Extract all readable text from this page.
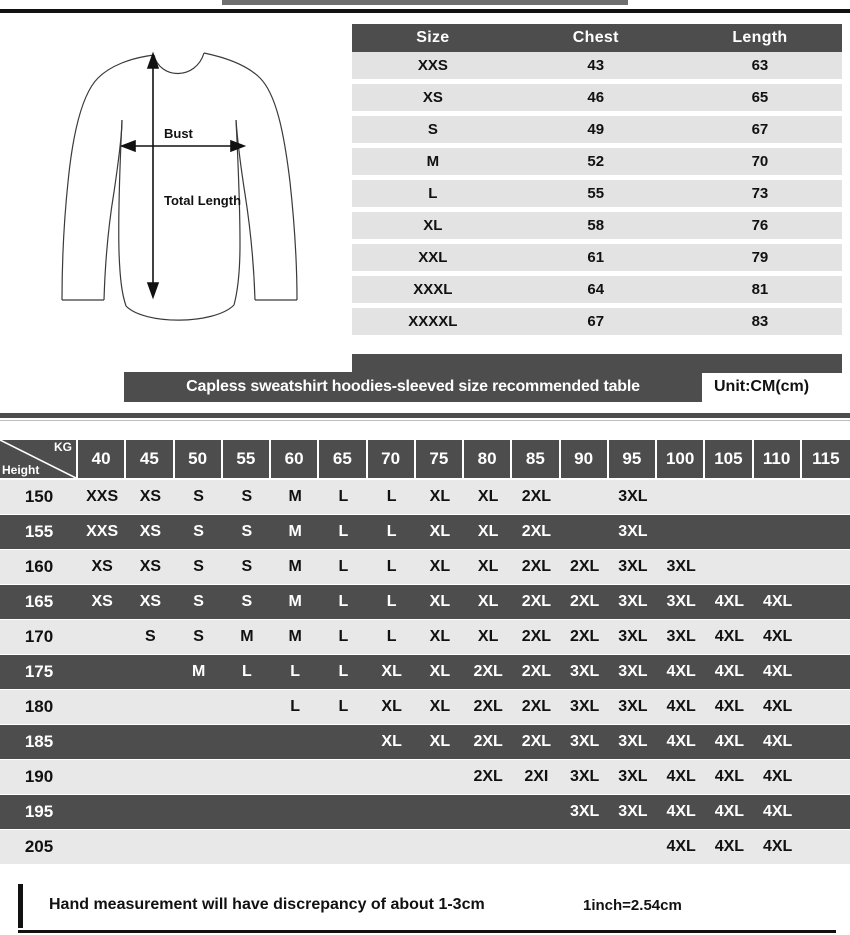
Bust
Total Length
Size	Chest	Length
XXS	43	63

XS	46	65

S	49	67

M	52	70

L	55	73

XL	58	76

XXL	61	79

XXXL	64	81

XXXXL	67	83
Capless sweatshirt hoodies-sleeved size recommended table	Unit:CM(cm)
KG
Height	40	45	50	55	60	65	70	75	80	85	90	95	100	105	110	115
150	XXS	XS	S	S	M	L	L	XL	XL	2XL		3XL				
155	XXS	XS	S	S	M	L	L	XL	XL	2XL		3XL				
160	XS	XS	S	S	M	L	L	XL	XL	2XL	2XL	3XL	3XL			
165	XS	XS	S	S	M	L	L	XL	XL	2XL	2XL	3XL	3XL	4XL	4XL	
170		S	S	M	M	L	L	XL	XL	2XL	2XL	3XL	3XL	4XL	4XL	
175			M	L	L	L	XL	XL	2XL	2XL	3XL	3XL	4XL	4XL	4XL	
180					L	L	XL	XL	2XL	2XL	3XL	3XL	4XL	4XL	4XL	
185							XL	XL	2XL	2XL	3XL	3XL	4XL	4XL	4XL	
190									2XL	2XI	3XL	3XL	4XL	4XL	4XL	
195											3XL	3XL	4XL	4XL	4XL	
205													4XL	4XL	4XL	
Hand measurement will have discrepancy of about 1-3cm	1inch=2.54cm
